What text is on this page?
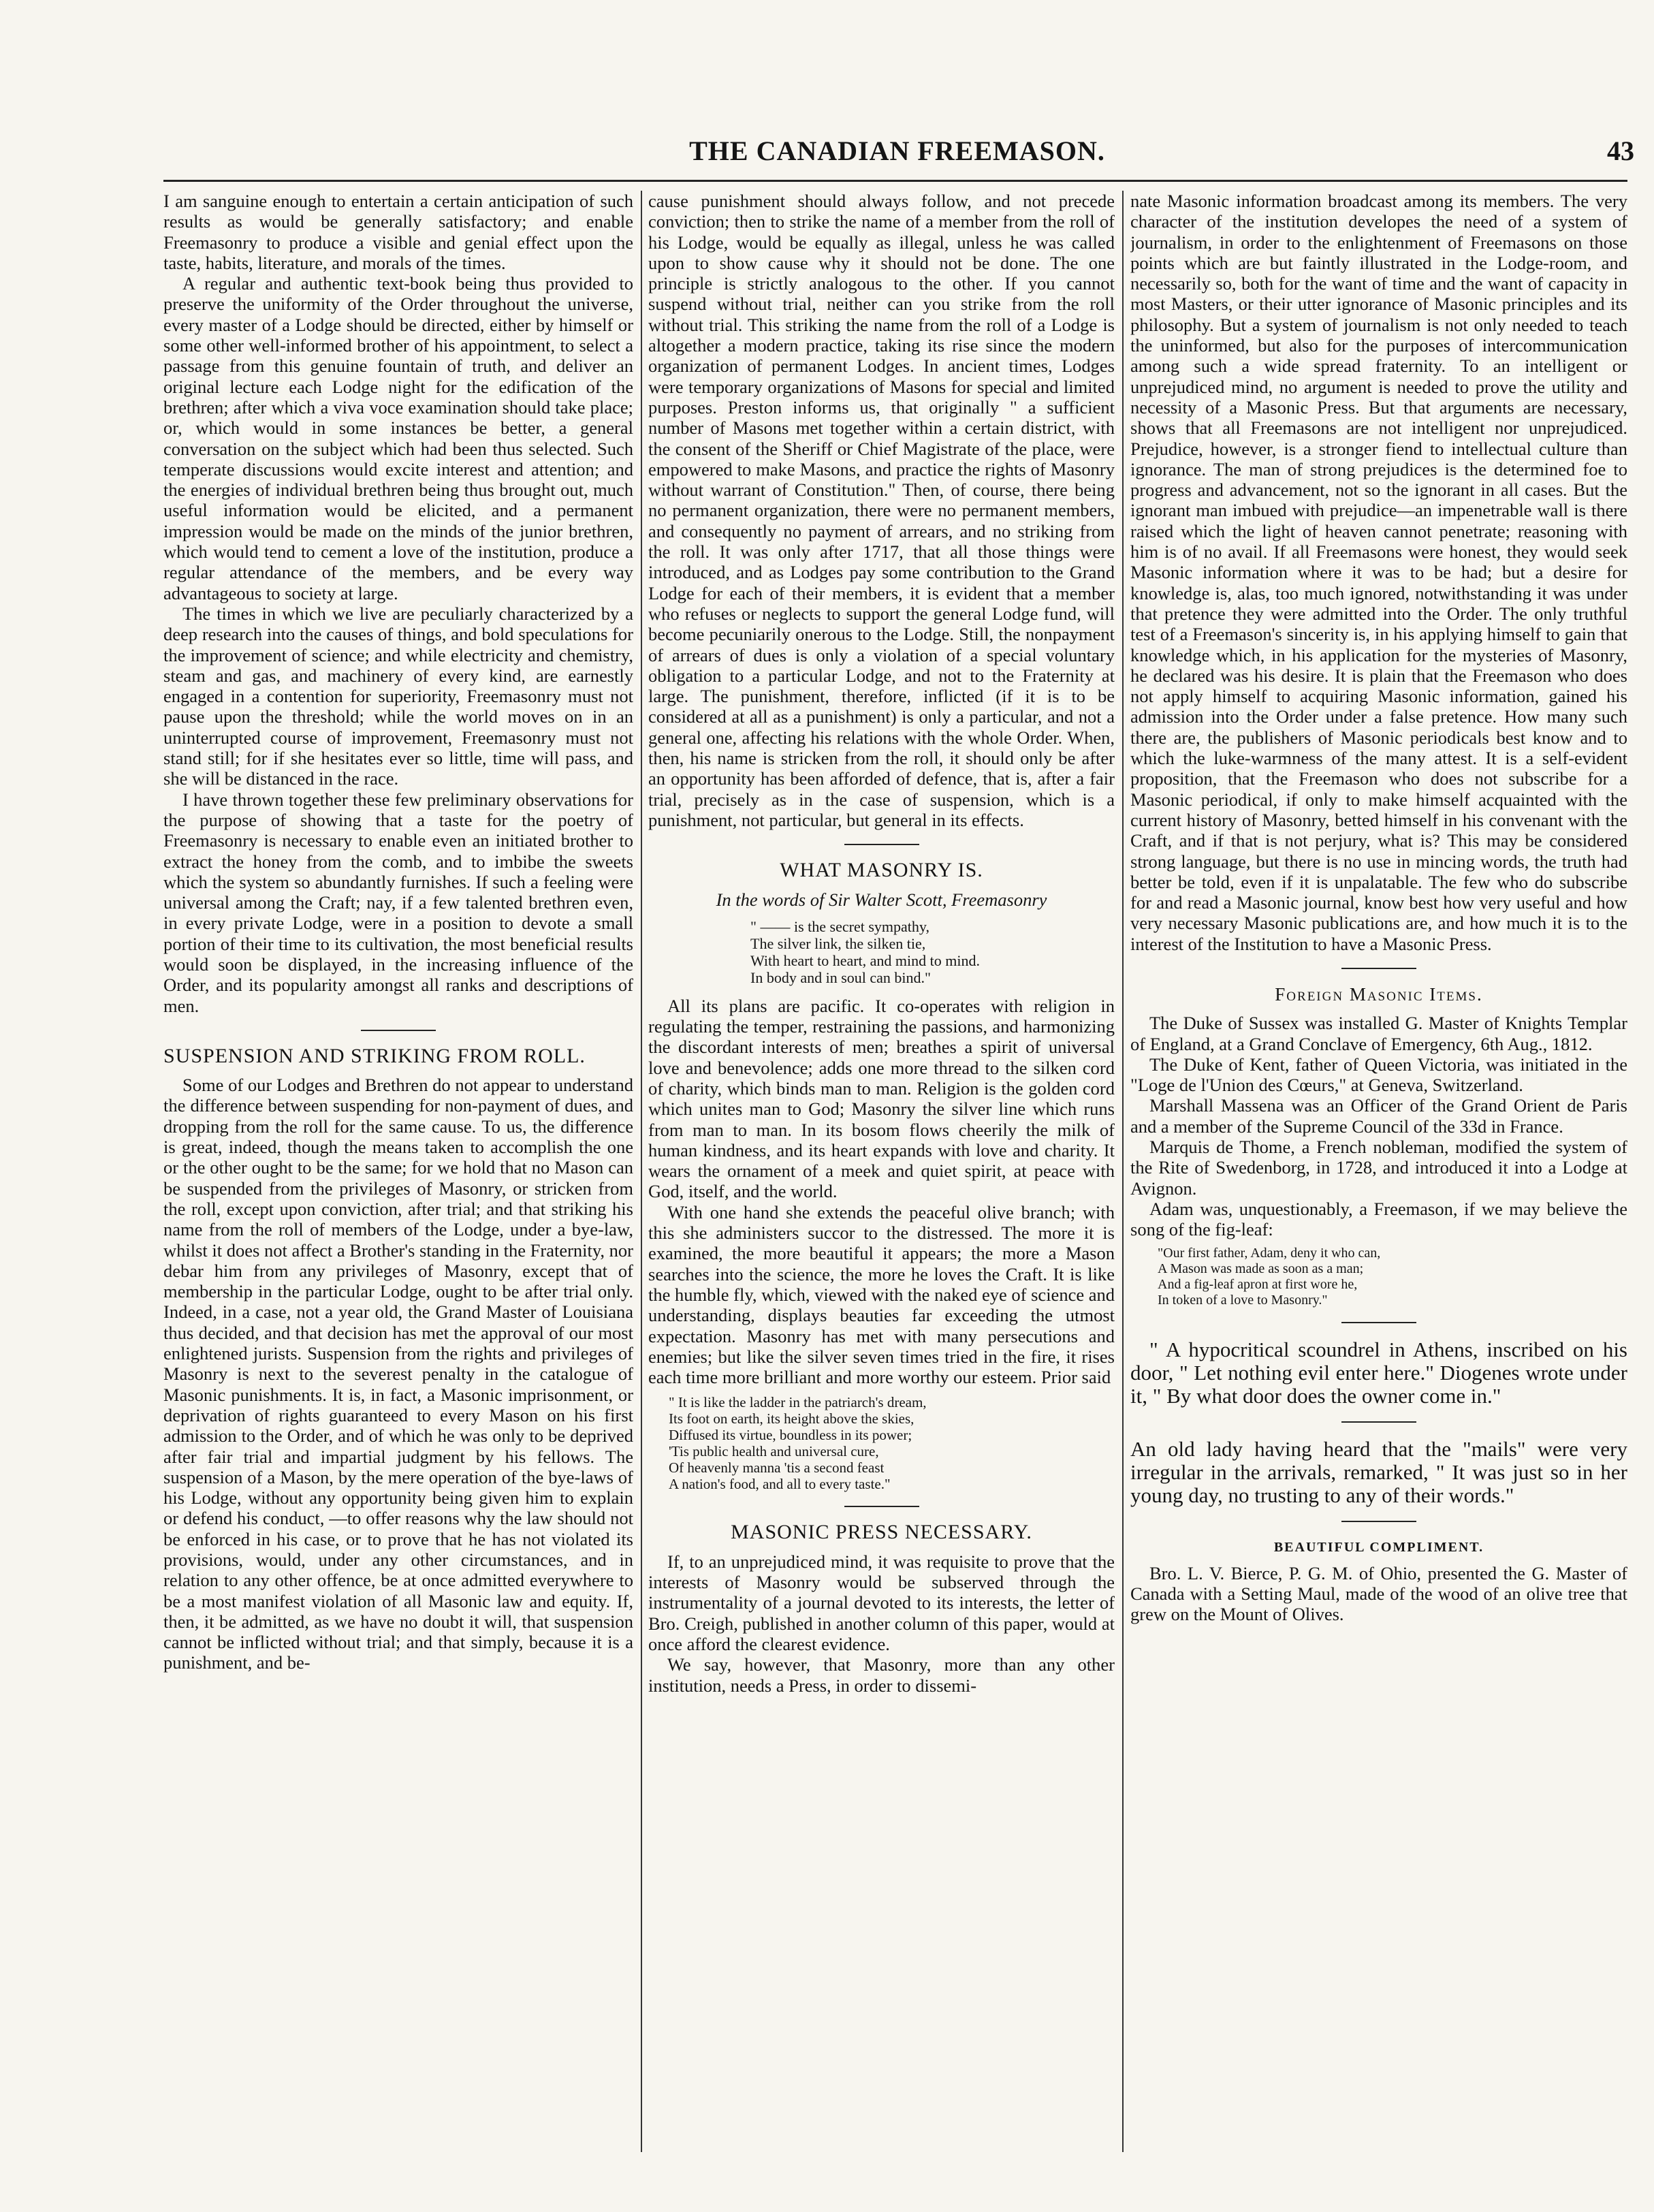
THE CANADIAN FREEMASON.	43

I am sanguine enough to entertain a certain anticipation of such results as would be generally satisfactory; and enable Freemasonry to produce a visible and genial effect upon the taste, habits, literature, and morals of the times.

A regular and authentic text-book being thus provided to preserve the uniformity of the Order throughout the universe, every master of a Lodge should be directed, either by himself or some other well-informed brother of his appointment, to select a passage from this genuine fountain of truth, and deliver an original lecture each Lodge night for the edification of the brethren; after which a viva voce examination should take place; or, which would in some instances be better, a general conversation on the subject which had been thus selected. Such temperate discussions would excite interest and attention; and the energies of individual brethren being thus brought out, much useful information would be elicited, and a permanent impression would be made on the minds of the junior brethren, which would tend to cement a love of the institution, produce a regular attendance of the members, and be every way advantageous to society at large.

The times in which we live are peculiarly characterized by a deep research into the causes of things, and bold speculations for the improvement of science; and while electricity and chemistry, steam and gas, and machinery of every kind, are earnestly engaged in a contention for superiority, Freemasonry must not pause upon the threshold; while the world moves on in an uninterrupted course of improvement, Freemasonry must not stand still; for if she hesitates ever so little, time will pass, and she will be distanced in the race.

I have thrown together these few preliminary observations for the purpose of showing that a taste for the poetry of Freemasonry is necessary to enable even an initiated brother to extract the honey from the comb, and to imbibe the sweets which the system so abundantly furnishes. If such a feeling were universal among the Craft; nay, if a few talented brethren even, in every private Lodge, were in a position to devote a small portion of their time to its cultivation, the most beneficial results would soon be displayed, in the increasing influence of the Order, and its popularity amongst all ranks and descriptions of men.

SUSPENSION AND STRIKING FROM ROLL.

Some of our Lodges and Brethren do not appear to understand the difference between suspending for non-payment of dues, and dropping from the roll for the same cause. To us, the difference is great, indeed, though the means taken to accomplish the one or the other ought to be the same; for we hold that no Mason can be suspended from the privileges of Masonry, or stricken from the roll, except upon conviction, after trial; and that striking his name from the roll of members of the Lodge, under a bye-law, whilst it does not affect a Brother's standing in the Fraternity, nor debar him from any privileges of Masonry, except that of membership in the particular Lodge, ought to be after trial only. Indeed, in a case, not a year old, the Grand Master of Louisiana thus decided, and that decision has met the approval of our most enlightened jurists. Suspension from the rights and privileges of Masonry is next to the severest penalty in the catalogue of Masonic punishments. It is, in fact, a Masonic imprisonment, or deprivation of rights guaranteed to every Mason on his first admission to the Order, and of which he was only to be deprived after fair trial and impartial judgment by his fellows. The suspension of a Mason, by the mere operation of the bye-laws of his Lodge, without any opportunity being given him to explain or defend his conduct, —to offer reasons why the law should not be enforced in his case, or to prove that he has not violated its provisions, would, under any other circumstances, and in relation to any other offence, be at once admitted everywhere to be a most manifest violation of all Masonic law and equity. If, then, it be admitted, as we have no doubt it will, that suspension cannot be inflicted without trial; and that simply, because it is a punishment, and be-

cause punishment should always follow, and not precede conviction; then to strike the name of a member from the roll of his Lodge, would be equally as illegal, unless he was called upon to show cause why it should not be done. The one principle is strictly analogous to the other. If you cannot suspend without trial, neither can you strike from the roll without trial. This striking the name from the roll of a Lodge is altogether a modern practice, taking its rise since the modern organization of permanent Lodges. In ancient times, Lodges were temporary organizations of Masons for special and limited purposes. Preston informs us, that originally " a sufficient number of Masons met together within a certain district, with the consent of the Sheriff or Chief Magistrate of the place, were empowered to make Masons, and practice the rights of Masonry without warrant of Constitution." Then, of course, there being no permanent organization, there were no permanent members, and consequently no payment of arrears, and no striking from the roll. It was only after 1717, that all those things were introduced, and as Lodges pay some contribution to the Grand Lodge for each of their members, it is evident that a member who refuses or neglects to support the general Lodge fund, will become pecuniarily onerous to the Lodge. Still, the nonpayment of arrears of dues is only a violation of a special voluntary obligation to a particular Lodge, and not to the Fraternity at large. The punishment, therefore, inflicted (if it is to be considered at all as a punishment) is only a particular, and not a general one, affecting his relations with the whole Order. When, then, his name is stricken from the roll, it should only be after an opportunity has been afforded of defence, that is, after a fair trial, precisely as in the case of suspension, which is a punishment, not particular, but general in its effects.

WHAT MASONRY IS.

In the words of Sir Walter Scott, Freemasonry

" —— is the secret sympathy,
The silver link, the silken tie,
With heart to heart, and mind to mind.
In body and in soul can bind."

All its plans are pacific. It co-operates with religion in regulating the temper, restraining the passions, and harmonizing the discordant interests of men; breathes a spirit of universal love and benevolence; adds one more thread to the silken cord of charity, which binds man to man. Religion is the golden cord which unites man to God; Masonry the silver line which runs from man to man. In its bosom flows cheerily the milk of human kindness, and its heart expands with love and charity. It wears the ornament of a meek and quiet spirit, at peace with God, itself, and the world.

With one hand she extends the peaceful olive branch; with this she administers succor to the distressed. The more it is examined, the more beautiful it appears; the more a Mason searches into the science, the more he loves the Craft. It is like the humble fly, which, viewed with the naked eye of science and understanding, displays beauties far exceeding the utmost expectation. Masonry has met with many persecutions and enemies; but like the silver seven times tried in the fire, it rises each time more brilliant and more worthy our esteem. Prior said

" It is like the ladder in the patriarch's dream,
Its foot on earth, its height above the skies,
Diffused its virtue, boundless in its power;
'Tis public health and universal cure,
Of heavenly manna 'tis a second feast
A nation's food, and all to every taste."
MASONIC PRESS NECESSARY.

If, to an unprejudiced mind, it was requisite to prove that the interests of Masonry would be subserved through the instrumentality of a journal devoted to its interests, the letter of Bro. Creigh, published in another column of this paper, would at once afford the clearest evidence.

We say, however, that Masonry, more than any other institution, needs a Press, in order to dissemi-

nate Masonic information broadcast among its members. The very character of the institution developes the need of a system of journalism, in order to the enlightenment of Freemasons on those points which are but faintly illustrated in the Lodge-room, and necessarily so, both for the want of time and the want of capacity in most Masters, or their utter ignorance of Masonic principles and its philosophy. But a system of journalism is not only needed to teach the uninformed, but also for the purposes of intercommunication among such a wide spread fraternity. To an intelligent or unprejudiced mind, no argument is needed to prove the utility and necessity of a Masonic Press. But that arguments are necessary, shows that all Freemasons are not intelligent nor unprejudiced. Prejudice, however, is a stronger fiend to intellectual culture than ignorance. The man of strong prejudices is the determined foe to progress and advancement, not so the ignorant in all cases. But the ignorant man imbued with prejudice—an impenetrable wall is there raised which the light of heaven cannot penetrate; reasoning with him is of no avail. If all Freemasons were honest, they would seek Masonic information where it was to be had; but a desire for knowledge is, alas, too much ignored, notwithstanding it was under that pretence they were admitted into the Order. The only truthful test of a Freemason's sincerity is, in his applying himself to gain that knowledge which, in his application for the mysteries of Masonry, he declared was his desire. It is plain that the Freemason who does not apply himself to acquiring Masonic information, gained his admission into the Order under a false pretence. How many such there are, the publishers of Masonic periodicals best know and to which the luke-warmness of the many attest. It is a self-evident proposition, that the Freemason who does not subscribe for a Masonic periodical, if only to make himself acquainted with the current history of Masonry, betted himself in his convenant with the Craft, and if that is not perjury, what is? This may be considered strong language, but there is no use in mincing words, the truth had better be told, even if it is unpalatable. The few who do subscribe for and read a Masonic journal, know best how very useful and how very necessary Masonic publications are, and how much it is to the interest of the Institution to have a Masonic Press.

Foreign Masonic Items.

The Duke of Sussex was installed G. Master of Knights Templar of England, at a Grand Conclave of Emergency, 6th Aug., 1812.

The Duke of Kent, father of Queen Victoria, was initiated in the "Loge de l'Union des Cœurs," at Geneva, Switzerland.

Marshall Massena was an Officer of the Grand Orient de Paris and a member of the Supreme Council of the 33d in France.

Marquis de Thome, a French nobleman, modified the system of the Rite of Swedenborg, in 1728, and introduced it into a Lodge at Avignon.

Adam was, unquestionably, a Freemason, if we may believe the song of the fig-leaf:

"Our first father, Adam, deny it who can,
A Mason was made as soon as a man;
And a fig-leaf apron at first wore he,
In token of a love to Masonry."

" A hypocritical scoundrel in Athens, inscribed on his door, " Let nothing evil enter here." Diogenes wrote under it, " By what door does the owner come in."

An old lady having heard that the "mails" were very irregular in the arrivals, remarked, " It was just so in her young day, no trusting to any of their words."

BEAUTIFUL COMPLIMENT.

Bro. L. V. Bierce, P. G. M. of Ohio, presented the G. Master of Canada with a Setting Maul, made of the wood of an olive tree that grew on the Mount of Olives.
